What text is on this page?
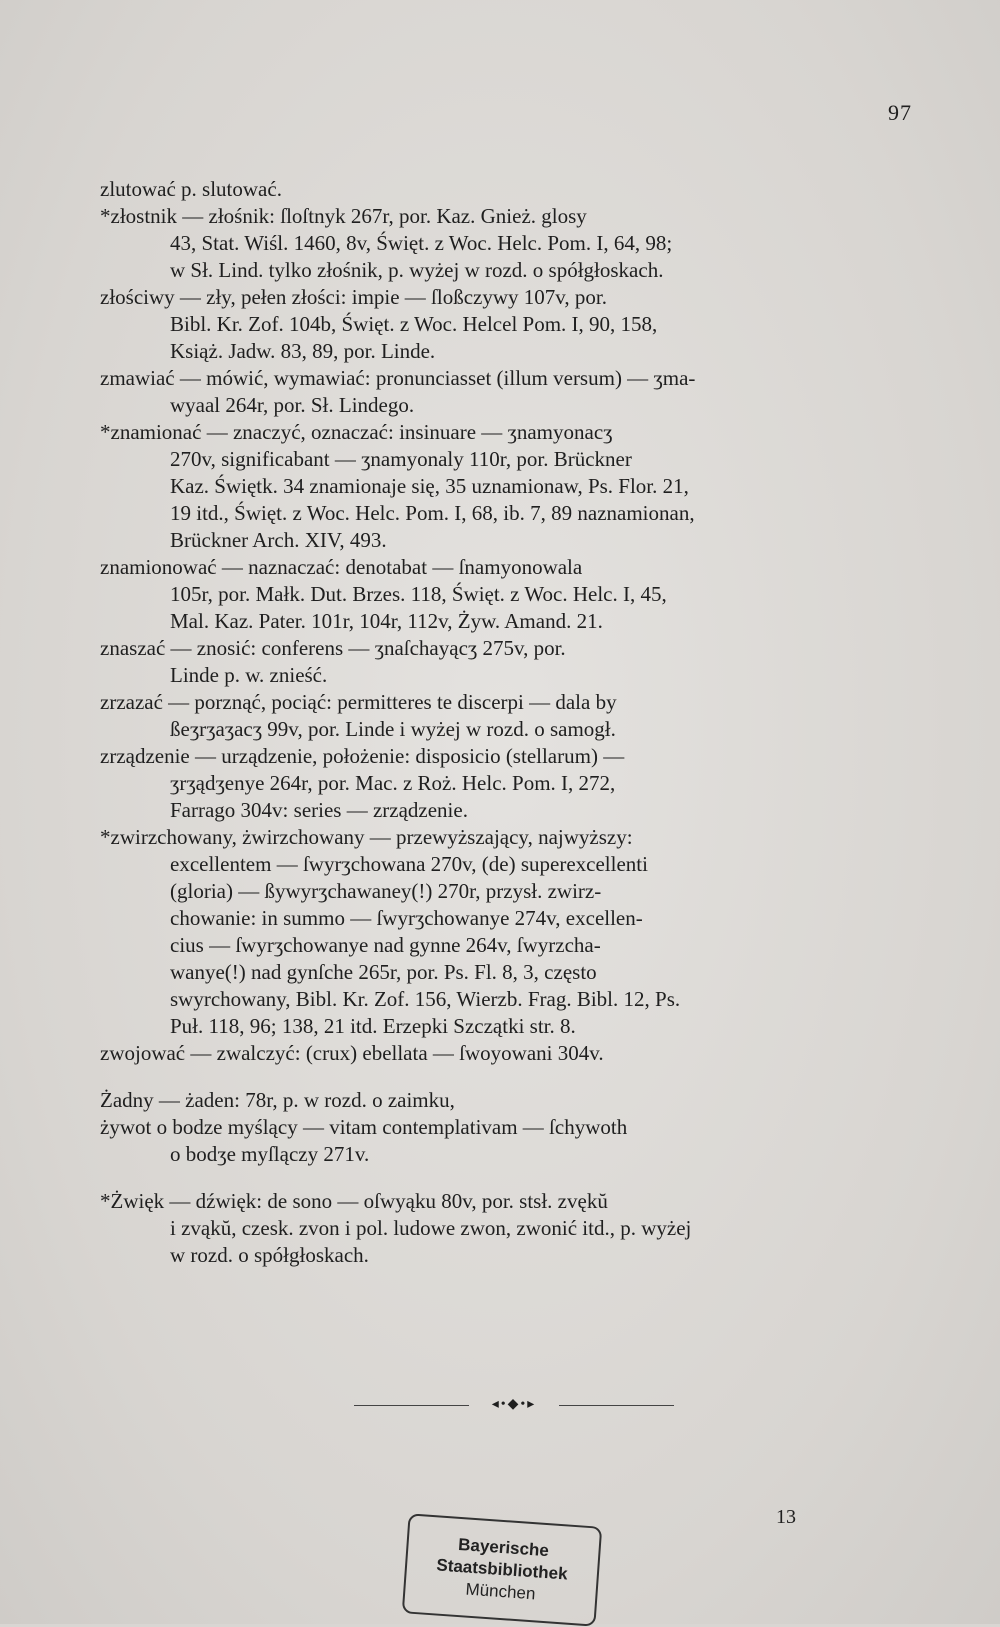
97
zlutować p. slutować.
*złostnik — złośnik: ſloſtnyk 267r, por. Kaz. Gnież. glosy
43, Stat. Wiśl. 1460, 8v, Święt. z Woc. Helc. Pom. I, 64, 98;
w Sł. Lind. tylko złośnik, p. wyżej w rozd. o spółgłoskach.
złościwy — zły, pełen złości: impie — ſloßczywy 107v, por.
Bibl. Kr. Zof. 104b, Święt. z Woc. Helcel Pom. I, 90, 158,
Książ. Jadw. 83, 89, por. Linde.
zmawiać — mówić, wymawiać: pronunciasset (illum versum) — ʒma-
wyaal 264r, por. Sł. Lindego.
*znamionać — znaczyć, oznaczać: insinuare — ʒnamyonacʒ
270v, significabant — ʒnamyonaly 110r, por. Brückner
Kaz. Świętk. 34 znamionaje się, 35 uznamionaw, Ps. Flor. 21,
19 itd., Święt. z Woc. Helc. Pom. I, 68, ib. 7, 89 naznamionan,
Brückner Arch. XIV, 493.
znamionować — naznaczać: denotabat — ſnamyonowala
105r, por. Małk. Dut. Brzes. 118, Święt. z Woc. Helc. I, 45,
Mal. Kaz. Pater. 101r, 104r, 112v, Żyw. Amand. 21.
znaszać — znosić: conferens — ʒnaſchayącʒ 275v, por.
Linde p. w. znieść.
zrzazać — porznąć, pociąć: permitteres te discerpi — dala by
ßeʒrʒaʒacʒ 99v, por. Linde i wyżej w rozd. o samogł.
zrządzenie — urządzenie, położenie: disposicio (stellarum) —
ʒrʒądʒenye 264r, por. Mac. z Roż. Helc. Pom. I, 272,
Farrago 304v: series — zrządzenie.
*zwirzchowany, żwirzchowany — przewyższający, najwyższy:
excellentem — ſwyrʒchowana 270v, (de) superexcellenti
(gloria) — ßywyrʒchawaney(!) 270r, przysł. zwirz-
chowanie: in summo — ſwyrʒchowanye 274v, excellen-
cius — ſwyrʒchowanye nad gynne 264v, ſwyrzcha-
wanye(!) nad gynſche 265r, por. Ps. Fl. 8, 3, często
swyrchowany, Bibl. Kr. Zof. 156, Wierzb. Frag. Bibl. 12, Ps.
Puł. 118, 96; 138, 21 itd. Erzepki Szczątki str. 8.
zwojować — zwalczyć: (crux) ebellata — ſwoyowani 304v.
Żadny — żaden: 78r, p. w rozd. o zaimku,
żywot o bodze myślący — vitam contemplativam — ſchywoth
o bodʒe myſlączy 271v.
*Żwięk — dźwięk: de sono — oſwyąku 80v, por. stsł. zvękŭ
i zvąkŭ, czesk. zvon i pol. ludowe zwon, zwonić itd., p. wyżej
w rozd. o spółgłoskach.
◂•◆•▸
13
Bayerische
Staatsbibliothek
München
